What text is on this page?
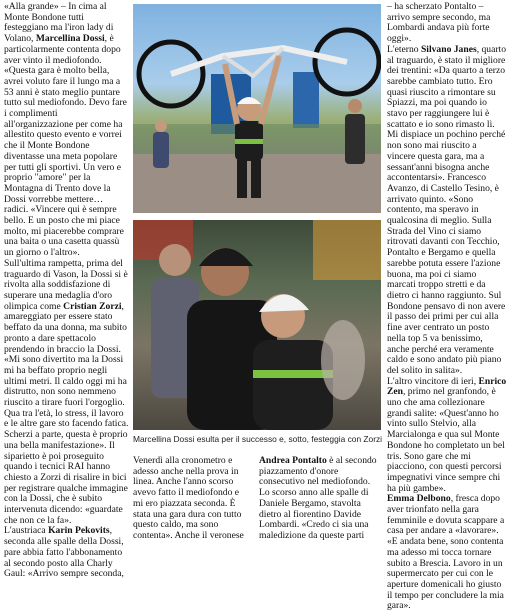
«Alla grande» – In cima al Monte Bondone tutti festeggiano ma l'iron lady di Volano, Marcellina Dossi, è particolarmente contenta dopo aver vinto il mediofondo. «Questa gara è molto bella, avrei voluto fare il lungo ma a 53 anni è stato meglio puntare tutto sul mediofondo. Devo fare i complimenti all'organizzazione per come ha allestito questo evento e vorrei che il Monte Bondone diventasse una meta popolare per tutti gli sportivi. Un vero e proprio "amore" per la Montagna di Trento dove la Dossi vorrebbe mettere… radici. «Vincere qui è sempre bello. E un posto che mi piace molto, mi piacerebbe comprare una baita o una casetta quassù un giorno o l'altro».

Sull'ultima rampetta, prima del traguardo di Vason, la Dossi si è rivolta alla soddisfazione di superare una medaglia d'oro olimpica come Cristian Zorzi, amareggiato per essere stato beffato da una donna, ma subito pronto a dare spettacolo prendendo in braccio la Dossi. «Mi sono divertito ma la Dossi mi ha beffato proprio negli ultimi metri. Il caldo oggi mi ha distrutto, non sono nemmeno riuscito a tirare fuori l'orgoglio. Qua tra l'età, lo stress, il lavoro e le altre gare sto facendo fatica. Scherzi a parte, questa è proprio una bella manifestazione». Il siparietto è poi proseguito quando i tecnici RAI hanno chiesto a Zorzi di risalire in bici per registrare qualche immagine con la Dossi, che è subito intervenuta dicendo: «guardate che non ce la fa».

L'austriaca Karin Pekovits, seconda alle spalle della Dossi, pare abbia fatto l'abbonamento al secondo posto alla Charly Gaul: «Arrivo sempre seconda,

Marcellina Dossi esulta per il successo e, sotto, festeggia con Zorzi

Venerdì alla cronometro e adesso anche nella prova in linea. Anche l'anno scorso avevo fatto il mediofondo e mi ero piazzata seconda. È stata una gara dura con tutto questo caldo, ma sono contenta». Anche il veronese

Andrea Pontalto è al secondo piazzamento d'onore consecutivo nel mediofondo. Lo scorso anno alle spalle di Daniele Bergamo, stavolta dietro al fiorentino Davide Lombardi. «Credo ci sia una maledizione da queste parti

– ha scherzato Pontalto – arrivo sempre secondo, ma Lombardi andava più forte oggi».

L'eterno Silvano Janes, quarto al traguardo, è stato il migliore dei trentini: «Da quarto a terzo sarebbe cambiato tutto. Ero quasi riuscito a rimontare su Spiazzi, ma poi quando io stavo per raggiungere lui è scattato e io sono rimasto lì. Mi dispiace un pochino perché non sono mai riuscito a vincere questa gara, ma a sessant'anni bisogna anche accontentarsi». Francesco Avanzo, di Castello Tesino, è arrivato quinto. «Sono contento, ma speravo in qualcosina di meglio. Sulla Strada del Vino ci siamo ritrovati davanti con Tecchio, Pontalto e Bergamo e quella sarebbe potuta essere l'azione buona, ma poi ci siamo marcati troppo stretti e da dietro ci hanno raggiunto. Sul Bondone pensavo di non avere il passo dei primi per cui alla fine aver centrato un posto nella top 5 va benissimo, anche perché era veramente caldo e sono andato più piano del solito in salita».

L'altro vincitore di ieri, Enrico Zen, primo nel granfondo, è uno che ama collezionare grandi salite: «Quest'anno ho vinto sullo Stelvio, alla Marcialonga e qua sul Monte Bondone ho completato un bel tris. Sono gare che mi piacciono, con questi percorsi impegnativi vince sempre chi ha più gambe».

Emma Delbono, fresca dopo aver trionfato nella gara femminile e dovuta scappare a casa per andare a «lavorare». «E andata bene, sono contenta ma adesso mi tocca tornare subito a Brescia. Lavoro in un supermercato per cui con le aperture domenicali ho giusto il tempo per concludere la mia gara».
